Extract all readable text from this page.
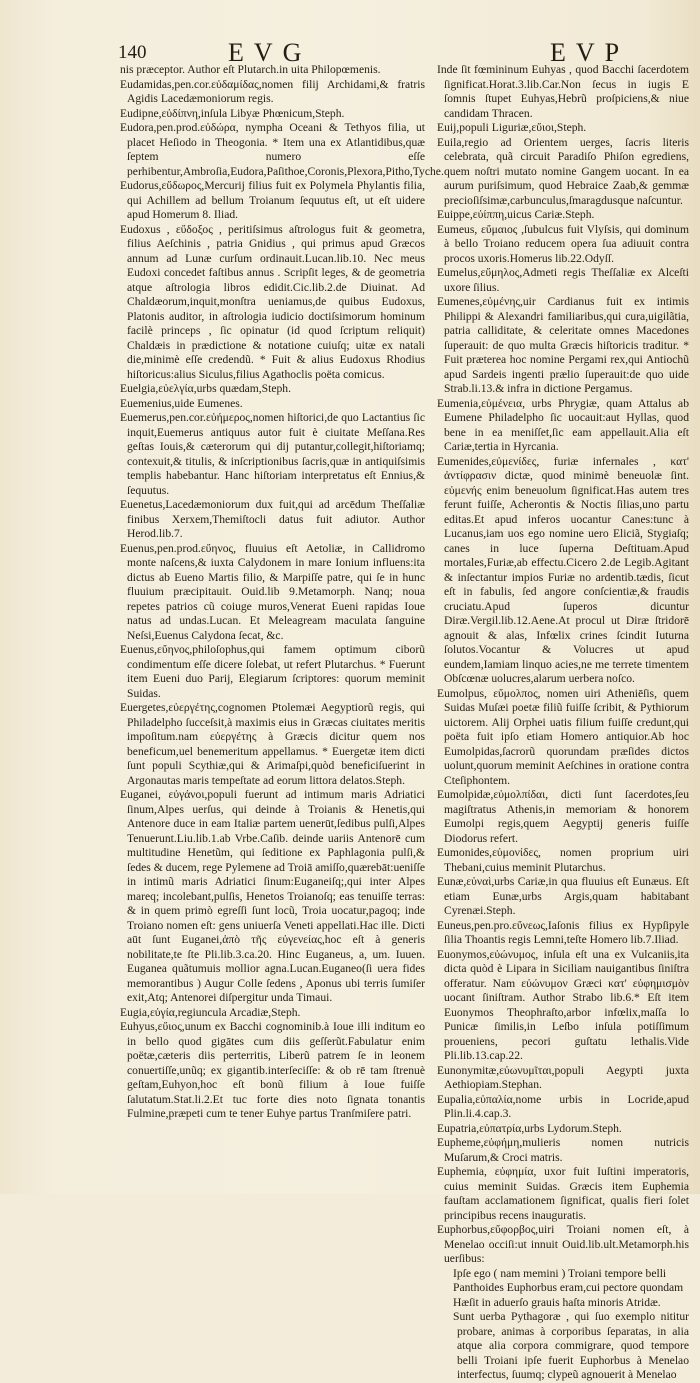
140	EVG	EVP

nis præceptor. Author eſt Plutarch.in uita Philopœmenis.

Eudamidas,pen.cor.εὐδαμίδας,nomen filij Archidami,& fratris Agidis Lacedæmoniorum regis.

Eudipne,εὐδίπνη,inſula Libyæ Phœnicum,Steph.

Eudora,pen.prod.εὐδώρα, nympha Oceani & Tethyos filia, ut placet Heſiodo in Theogonia. * Item una ex Atlantidibus,quæ ſeptem numero eſſe perhibentur,Ambroſia,Eudora,Paſithoe,Coronis,Plexora,Pitho,Tyche.

Eudorus,εὔδωρος,Mercurij filius fuit ex Polymela Phylantis filia, qui Achillem ad bellum Troianum ſequutus eſt, ut eſt uidere apud Homerum 8. Iliad.

Eudoxus , εὔδοξος , peritiſsimus aſtrologus fuit & geometra, filius Aeſchinis , patria Gnidius , qui primus apud Græcos annum ad Lunæ curſum ordinauit.Lucan.lib.10. Nec meus Eudoxi concedet faſtibus annus . Scripſit leges, & de geometria atque aſtrologia libros edidit.Cic.lib.2.de Diuinat. Ad Chaldæorum,inquit,monſtra ueniamus,de quibus Eudoxus, Platonis auditor, in aſtrologia iudicio doctiſsimorum hominum facilè princeps , ſic opinatur (id quod ſcriptum reliquit) Chaldæis in prædictione & notatione cuiuſq; uitæ ex natali die,minimè eſſe credendũ. * Fuit & alius Eudoxus Rhodius hiſtoricus:alius Siculus,filius Agathoclis poëta comicus.

Euelgia,εὐελγία,urbs quædam,Steph.

Euemenius,uide Eumenes.

Euemerus,pen.cor.εὐήμερος,nomen hiſtorici,de quo Lactantius ſic inquit,Euemerus antiquus autor fuit è ciuitate Meſſana.Res geſtas Iouis,& cæterorum qui dij putantur,collegit,hiſtoriamq; contexuit,& titulis, & inſcriptionibus ſacris,quæ in antiquiſsimis templis habebantur. Hanc hiſtoriam interpretatus eſt Ennius,& ſequutus.

Euenetus,Lacedæmoniorum dux fuit,qui ad arcēdum Theſſaliæ finibus Xerxem,Themiſtocli datus fuit adiutor. Author Herod.lib.7.

Euenus,pen.prod.εὔηνος, fluuius eſt Aetoliæ, in Callidromo monte naſcens,& iuxta Calydonem in mare Ionium influens:ita dictus ab Eueno Martis filio, & Marpiſſe patre, qui ſe in hunc fluuium præcipitauit. Ouid.lib 9.Metamorph. Nanq; noua repetes patrios cũ coiuge muros,Venerat Eueni rapidas Ioue natus ad undas.Lucan. Et Meleagream maculata ſanguine Neſsi,Euenus Calydona ſecat, &c.

Euenus,εὔηνος,philoſophus,qui famem optimum ciborũ condimentum eſſe dicere ſolebat, ut refert Plutarchus. * Fuerunt item Eueni duo Parij, Elegiarum ſcriptores: quorum meminit Suidas.

Euergetes,εὐεργέτης,cognomen Ptolemæi Aegyptiorũ regis, qui Philadelpho ſucceſsit,à maximis eius in Græcas ciuitates meritis impoſitum.nam εὐεργέτης à Græcis dicitur quem nos beneficum,uel benemeritum appellamus. * Euergetæ item dicti ſunt populi Scythiæ,qui & Arimaſpi,quòd beneficiſuerint in Argonautas maris tempeſtate ad eorum littora delatos.Steph.

Euganei, εὐγάνοι,populi fuerunt ad intimum maris Adriatici ſinum,Alpes uerſus, qui deinde à Troianis & Henetis,qui Antenore duce in eam Italiæ partem uenerūt,ſedibus pulſi,Alpes Tenuerunt.Liu.lib.1.ab Vrbe.Caſib. deinde uariis Antenorē cum multitudine Henetũm, qui ſeditione ex Paphlagonia pulſi,& ſedes & ducem, rege Pylemene ad Troiā amiſſo,quærebāt:ueniſſe in intimũ maris Adriatici ſinum:Euganeiſq;,qui inter Alpes mareq; incolebant,pulſis, Henetos Troianoſq; eas tenuiſſe terras: & in quem primò egreſſi ſunt locũ, Troia uocatur,pagoq; inde Troiano nomen eſt: gens uniuerſa Veneti appellati.Hac ille. Dicti aūt ſunt Euganei,ἀπὸ τῆς εὐγενείας,hoc eſt à generis nobilitate,te ſte Pli.lib.3.ca.20. Hinc Euganeus, a, um. Iuuen. Euganea quãtumuis mollior agna.Lucan.Euganeo(ſi uera fides memorantibus ) Augur Colle ſedens , Aponus ubi terris ſumiſer exit,Atq; Antenorei diſpergitur unda Timaui.

Eugia,εὐγία,regiuncula Arcadiæ,Steph.

Euhyus,εὔιος,unum ex Bacchi cognominib.à Ioue illi inditum eo in bello quod gigātes cum diis geſſerũt.Fabulatur enim poëtæ,cæteris diis perterritis, Liberũ patrem ſe in leonem conuertiſſe,unũq; ex gigantib.interſeciſſe: & ob rē tam ſtrenuè geſtam,Euhyon,hoc eſt bonũ filium à Ioue fuiſſe ſalutatum.Stat.li.2.Et tuc forte dies noto ſignata tonantis Fulmine,præpeti cum te tener Euhye partus Tranſmiſere patri.

Inde ſit fœmininum Euhyas , quod Bacchi ſacerdotem ſignificat.Horat.3.lib.Car.Non ſecus in iugis E ſomnis ſtupet Euhyas,Hebrũ proſpiciens,& niue candidam Thracen.

Euij,populi Liguriæ,εὔιοι,Steph.

Euila,regio ad Orientem uerges, ſacris literis celebrata, quã circuit Paradiſo Phiſon egrediens, quem noſtri mutato nomine Gangem uocant. In ea aurum puriſsimum, quod Hebraice Zaab,& gemmæ precioſiſsimæ,carbunculus,ſmaragdusque naſcuntur.

Euippe,εὐίππη,uicus Cariæ.Steph.

Eumeus, εὔμαιος ,ſubulcus fuit Vlyſsis, qui dominum à bello Troiano reducem opera ſua adiuuit contra procos uxoris.Homerus lib.22.Odyſſ.

Eumelus,εὔμηλος,Admeti regis Theſſaliæ ex Alceſti uxore ſilius.

Eumenes,εὐμένης,uir Cardianus fuit ex intimis Philippi & Alexandri familiaribus,qui cura,uigilãtia, patria calliditate, & celeritate omnes Macedones ſuperauit: de quo multa Græcis hiſtoricis traditur. * Fuit præterea hoc nomine Pergami rex,qui Antiochũ apud Sardeis ingenti prælio ſuperauit:de quo uide Strab.li.13.& infra in dictione Pergamus.

Eumenia,εὐμένεια, urbs Phrygiæ, quam Attalus ab Eumene Philadelpho ſic uocauit:aut Hyllas, quod bene in ea meniſſet,ſic eam appellauit.Alia eſt Cariæ,tertia in Hyrcania.

Eumenides,εὐμενίδες, furiæ infernales , κατ' ἀντίφρασιν dictæ, quod minimè beneuolæ ſint. εὐμενής enim beneuolum ſignificat.Has autem tres ferunt fuiſſe, Acherontis & Noctis ſilias,uno partu editas.Et apud inferos uocantur Canes:tunc à Lucanus,iam uos ego nomine uero Eliciã, Stygiaſq; canes in luce ſuperna Deſtituam.Apud mortales,Furiæ,ab effectu.Cicero 2.de Legib.Agitant & inſectantur impios Furiæ no ardentib.tædis, ſicut eſt in fabulis, ſed angore conſcientiæ,& fraudis cruciatu.Apud ſuperos dicuntur Diræ.Vergil.lib.12.Aene.At procul ut Diræ ſtridorē agnouit & alas, Infœlix crines ſcindit Iuturna ſolutos.Vocantur & Volucres ut apud eundem,Iamiam linquo acies,ne me terrete timentem Obſcœnæ uolucres,alarum uerbera noſco.

Eumolpus, εὔμολπος, nomen uiri Atheniēſis, quem Suidas Muſæi poetæ filiũ fuiſſe ſcribit, & Pythiorum uictorem. Alij Orphei uatis filium fuiſſe credunt,qui poëta fuit ipſo etiam Homero antiquior.Ab hoc Eumolpidas,ſacrorũ quorundam præſides dictos uolunt,quorum meminit Aeſchines in oratione contra Cteſiphontem.

Eumolpidæ,εὐμολπίδαι, dicti ſunt ſacerdotes,ſeu magiſtratus Athenis,in memoriam & honorem Eumolpi regis,quem Aegyptij generis fuiſſe Diodorus refert.

Eumonides,εὐμονίδες, nomen proprium uiri Thebani,cuius meminit Plutarchus.

Eunæ,εὐναὶ,urbs Cariæ,in qua fluuius eſt Eunæus. Eſt etiam Eunæ,urbs Argis,quam habitabant Cyrenæi.Steph.

Euneus,pen.pro.εὔνεως,Iaſonis filius ex Hypſipyle ſilia Thoantis regis Lemni,teſte Homero lib.7.Iliad.

Euonymos,εὐώνυμος, inſula eſt una ex Vulcaniis,ita dicta quòd è Lipara in Siciliam nauigantibus ſiniſtra offeratur. Nam εὐώνυμον Græci κατ' εὐφημισμὸν uocant ſiniſtram. Author Strabo lib.6.* Eſt item Euonymos Theophraſto,arbor infœlix,maſſa lo Punicæ ſimilis,in Leſbo inſula potiſſimum proueniens, pecori guſtatu lethalis.Vide Pli.lib.13.cap.22.

Eunonymitæ,εὐωνυμῖται,populi Aegypti juxta Aethiopiam.Stephan.

Eupalia,εὐπαλία,nome urbis in Locride,apud Plin.li.4.cap.3.

Eupatria,εὐπατρία,urbs Lydorum.Steph.

Eupheme,εὐφήμη,mulieris nomen nutricis Muſarum,& Croci matris.

Euphemia, εὐφημία, uxor fuit Iuſtini imperatoris, cuius meminit Suidas. Græcis item Euphemia fauſtam acclamationem ſignificat, qualis fieri ſolet principibus recens inauguratis.

Euphorbus,εὔφορβος,uiri Troiani nomen eſt, à Menelao occiſi:ut innuit Ouid.lib.ult.Metamorph.his uerſibus:

Ipſe ego ( nam memini ) Troiani tempore belli

Panthoides Euphorbus eram,cui pectore quondam

Hæſit in aduerſo grauis haſta minoris Atridæ.

Sunt uerba Pythagoræ , qui ſuo exemplo nititur probare, animas à corporibus ſeparatas, in alia atque alia corpora commigrare, quod tempore belli Troiani ipſe fuerit Euphorbus à Menelao interfectus, ſuumq; clypeũ agnouerit à Menelao
